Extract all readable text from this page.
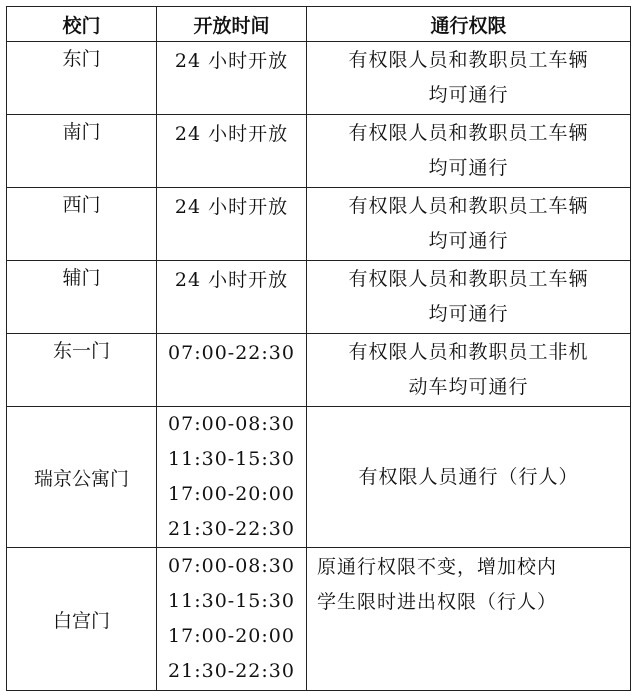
校门	开放时间	通行权限
东门	24 小时开放	有权限人员和教职员工车辆
均可通行

南门	24 小时开放	有权限人员和教职员工车辆
均可通行

西门	24 小时开放	有权限人员和教职员工车辆
均可通行

辅门	24 小时开放	有权限人员和教职员工车辆
均可通行

东一门	07:00-22:30	有权限人员和教职员工非机
动车均可通行

瑞京公寓门	07:00-08:30
11:30-15:30
17:00-20:00
21:30-22:30	有权限人员通行（行人）

白宫门	07:00-08:30
11:30-15:30
17:00-20:00
21:30-22:30	原通行权限不变，增加校内
学生限时进出权限（行人）
